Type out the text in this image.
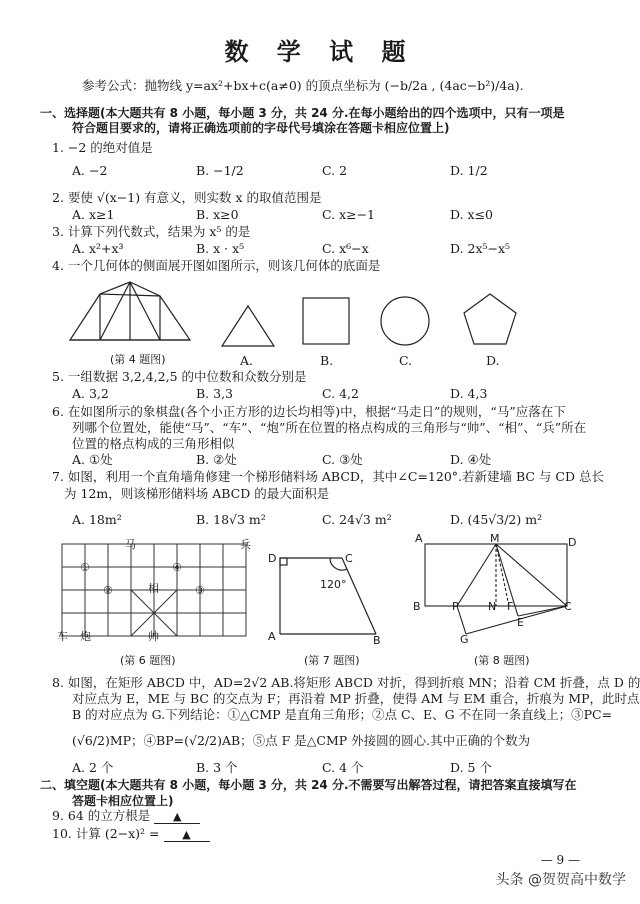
数 学 试 题
参考公式：抛物线 y=ax²+bx+c(a≠0) 的顶点坐标为 (−b/2a , (4ac−b²)/4a).
一、选择题(本大题共有 8 小题，每小题 3 分，共 24 分.在每小题给出的四个选项中，只有一项是
符合题目要求的，请将正确选项前的字母代号填涂在答题卡相应位置上)
1. −2 的绝对值是
A. −2	B. −1/2	C. 2	D. 1/2
2. 要使 √(x−1) 有意义，则实数 x 的取值范围是
A. x≥1	B. x≥0	C. x≥−1	D. x≤0
3. 计算下列代数式，结果为 x⁵ 的是
A. x²+x³	B. x · x⁵	C. x⁶−x	D. 2x⁵−x⁵
4. 一个几何体的侧面展开图如图所示，则该几何体的底面是
(第 4 题图)	A.	B.	C.	D.
5. 一组数据 3,2,4,2,5 的中位数和众数分别是
A. 3,2	B. 3,3	C. 4,2	D. 4,3
6. 在如图所示的象棋盘(各个小正方形的边长均相等)中，根据“马走日”的规则，“马”应落在下
列哪个位置处，能使“马”、“车”、“炮”所在位置的格点构成的三角形与“帅”、“相”、“兵”所在
位置的格点构成的三角形相似
A. ①处	B. ②处	C. ③处	D. ④处
7. 如图，利用一个直角墙角修建一个梯形储料场 ABCD，其中∠C=120°.若新建墙 BC 与 CD 总长
为 12m，则该梯形储料场 ABCD 的最大面积是
A. 18m²	B. 18√3 m²	C. 24√3 m²	D. (45√3/2) m²
马	兵
车 炮	帅
相
①
②	③
④
D
A	B
C
120°
A	M	D
B	P	N F	C
E
G
(第 6 题图)	(第 7 题图)	(第 8 题图)
8. 如图，在矩形 ABCD 中，AD=2√2 AB.将矩形 ABCD 对折，得到折痕 MN；沿着 CM 折叠，点 D 的
对应点为 E，ME 与 BC 的交点为 F；再沿着 MP 折叠，使得 AM 与 EM 重合，折痕为 MP，此时点
B 的对应点为 G.下列结论：①△CMP 是直角三角形；②点 C、E、G 不在同一条直线上；③PC=
(√6/2)MP；④BP=(√2/2)AB；⑤点 F 是△CMP 外接圆的圆心.其中正确的个数为
A. 2 个	B. 3 个	C. 4 个	D. 5 个
二、填空题(本大题共有 8 小题，每小题 3 分，共 24 分.不需要写出解答过程，请把答案直接填写在
答题卡相应位置上)
9. 64 的立方根是 ▲
10. 计算 (2−x)² = ▲
— 9 —
头条 @贺贺高中数学
